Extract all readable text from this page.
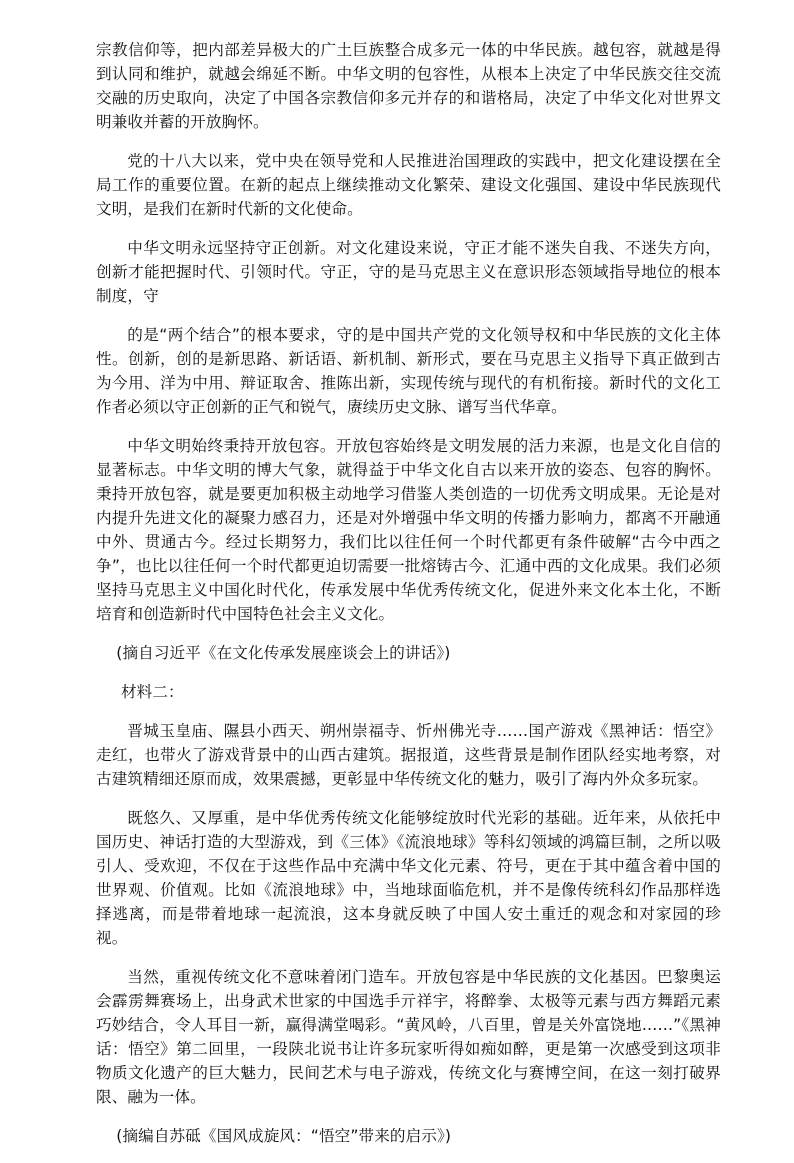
宗教信仰等，把内部差异极大的广土巨族整合成多元一体的中华民族。越包容，就越是得到认同和维护，就越会绵延不断。中华文明的包容性，从根本上决定了中华民族交往交流交融的历史取向，决定了中国各宗教信仰多元并存的和谐格局，决定了中华文化对世界文明兼收并蓄的开放胸怀。

党的十八大以来，党中央在领导党和人民推进治国理政的实践中，把文化建设摆在全局工作的重要位置。在新的起点上继续推动文化繁荣、建设文化强国、建设中华民族现代文明，是我们在新时代新的文化使命。

中华文明永远坚持守正创新。对文化建设来说，守正才能不迷失自我、不迷失方向，创新才能把握时代、引领时代。守正，守的是马克思主义在意识形态领域指导地位的根本制度，守

的是“两个结合”的根本要求，守的是中国共产党的文化领导权和中华民族的文化主体性。创新，创的是新思路、新话语、新机制、新形式，要在马克思主义指导下真正做到古为今用、洋为中用、辩证取舍、推陈出新，实现传统与现代的有机衔接。新时代的文化工作者必须以守正创新的正气和锐气，赓续历史文脉、谱写当代华章。

中华文明始终秉持开放包容。开放包容始终是文明发展的活力来源，也是文化自信的显著标志。中华文明的博大气象，就得益于中华文化自古以来开放的姿态、包容的胸怀。秉持开放包容，就是要更加积极主动地学习借鉴人类创造的一切优秀文明成果。无论是对内提升先进文化的凝聚力感召力，还是对外增强中华文明的传播力影响力，都离不开融通中外、贯通古今。经过长期努力，我们比以往任何一个时代都更有条件破解“古今中西之争”，也比以往任何一个时代都更迫切需要一批熔铸古今、汇通中西的文化成果。我们必须坚持马克思主义中国化时代化，传承发展中华优秀传统文化，促进外来文化本土化，不断培育和创造新时代中国特色社会主义文化。

(摘自习近平《在文化传承发展座谈会上的讲话》)

材料二：

晋城玉皇庙、隰县小西天、朔州崇福寺、忻州佛光寺……国产游戏《黑神话：悟空》走红，也带火了游戏背景中的山西古建筑。据报道，这些背景是制作团队经实地考察，对古建筑精细还原而成，效果震撼，更彰显中华传统文化的魅力，吸引了海内外众多玩家。

既悠久、又厚重，是中华优秀传统文化能够绽放时代光彩的基础。近年来，从依托中国历史、神话打造的大型游戏，到《三体》《流浪地球》等科幻领域的鸿篇巨制，之所以吸引人、受欢迎，不仅在于这些作品中充满中华文化元素、符号，更在于其中蕴含着中国的世界观、价值观。比如《流浪地球》中，当地球面临危机，并不是像传统科幻作品那样选择逃离，而是带着地球一起流浪，这本身就反映了中国人安土重迁的观念和对家园的珍视。

当然，重视传统文化不意味着闭门造车。开放包容是中华民族的文化基因。巴黎奥运会霹雳舞赛场上，出身武术世家的中国选手亓祥宇，将醉拳、太极等元素与西方舞蹈元素巧妙结合，令人耳目一新，赢得满堂喝彩。“黄风岭，八百里，曾是关外富饶地……”《黑神话：悟空》第二回里，一段陕北说书让许多玩家听得如痴如醉，更是第一次感受到这项非物质文化遗产的巨大魅力，民间艺术与电子游戏，传统文化与赛博空间，在这一刻打破界限、融为一体。

(摘编自苏砥《国风成旋风：“悟空”带来的启示》)
